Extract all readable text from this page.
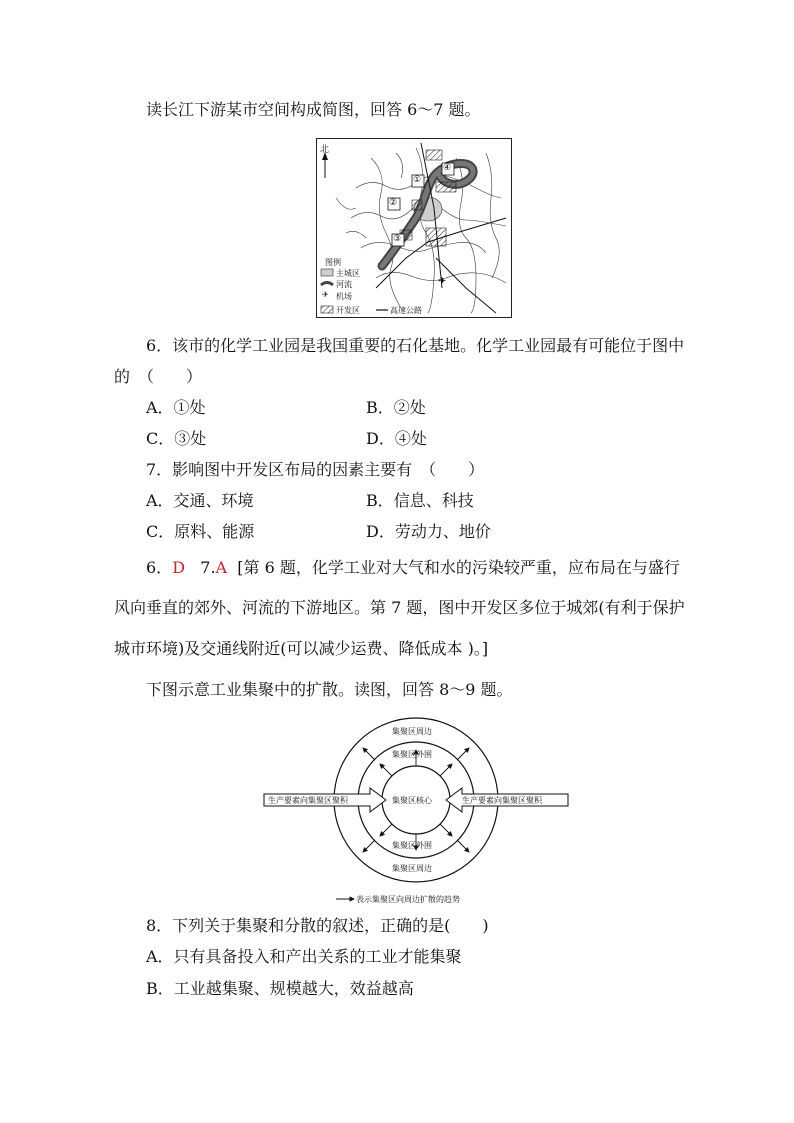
读长江下游某市空间构成简图，回答 6～7 题。
✈
北
①
②
③
④
图例
主城区
河流
✈ 机场
开发区	高速公路
6．该市的化学工业园是我国重要的石化基地。化学工业园最有可能位于图中
的　（　　）
A．①处	B．②处
C．③处	D．④处
7．影响图中开发区布局的因素主要有　（　　）
A．交通、环境	B．信息、科技
C．原料、能源	D．劳动力、地价
6．D 7.A [第 6 题，化学工业对大气和水的污染较严重，应布局在与盛行
风向垂直的郊外、河流的下游地区。第 7 题，图中开发区多位于城郊(有利于保护
城市环境)及交通线附近(可以减少运费、降低成本 )。]
下图示意工业集聚中的扩散。读图，回答 8～9 题。
集聚区周边
集聚区外围
集聚区核心
集聚区外围
集聚区周边
生产要素向集聚区聚积	生产要素向集聚区聚积
表示集聚区向周边扩散的趋势
8．下列关于集聚和分散的叙述，正确的是(　　)
A．只有具备投入和产出关系的工业才能集聚
B．工业越集聚、规模越大，效益越高
